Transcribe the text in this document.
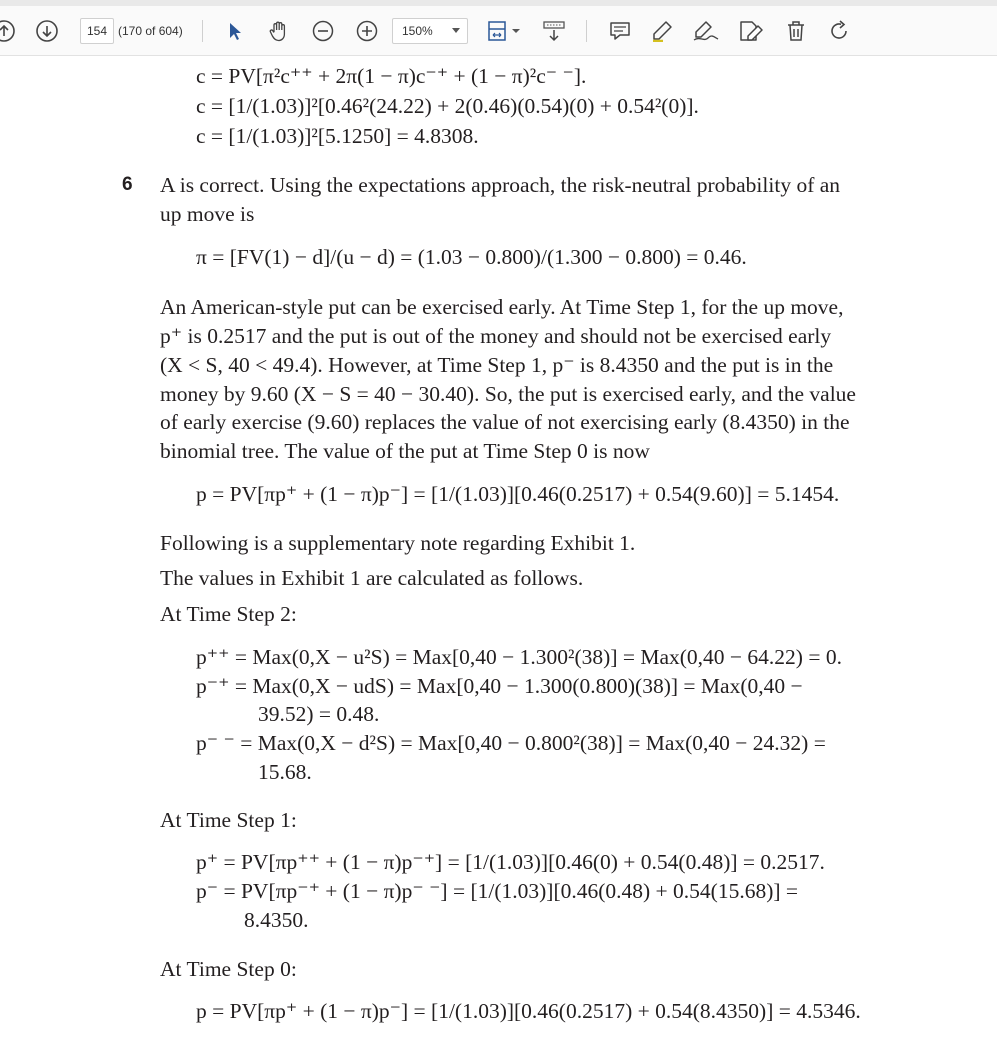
154 (170 of 604)	150%
c = PV[π²c⁺⁺ + 2π(1 − π)c⁻⁺ + (1 − π)²c⁻ ⁻].
c = [1/(1.03)]²[0.46²(24.22) + 2(0.46)(0.54)(0) + 0.54²(0)].
c = [1/(1.03)]²[5.1250] = 4.8308.
6 A is correct. Using the expectations approach, the risk-neutral probability of an
up move is
π = [FV(1) − d]/(u − d) = (1.03 − 0.800)/(1.300 − 0.800) = 0.46.
An American-style put can be exercised early. At Time Step 1, for the up move,
p⁺ is 0.2517 and the put is out of the money and should not be exercised early
(X < S, 40 < 49.4). However, at Time Step 1, p⁻ is 8.4350 and the put is in the
money by 9.60 (X − S = 40 − 30.40). So, the put is exercised early, and the value
of early exercise (9.60) replaces the value of not exercising early (8.4350) in the
binomial tree. The value of the put at Time Step 0 is now
p = PV[πp⁺ + (1 − π)p⁻] = [1/(1.03)][0.46(0.2517) + 0.54(9.60)] = 5.1454.
Following is a supplementary note regarding Exhibit 1.
The values in Exhibit 1 are calculated as follows.
At Time Step 2:
p⁺⁺ = Max(0,X − u²S) = Max[0,40 − 1.300²(38)] = Max(0,40 − 64.22) = 0.
p⁻⁺ = Max(0,X − udS) = Max[0,40 − 1.300(0.800)(38)] = Max(0,40 −
39.52) = 0.48.
p⁻ ⁻ = Max(0,X − d²S) = Max[0,40 − 0.800²(38)] = Max(0,40 − 24.32) =
15.68.
At Time Step 1:
p⁺ = PV[πp⁺⁺ + (1 − π)p⁻⁺] = [1/(1.03)][0.46(0) + 0.54(0.48)] = 0.2517.
p⁻ = PV[πp⁻⁺ + (1 − π)p⁻ ⁻] = [1/(1.03)][0.46(0.48) + 0.54(15.68)] =
8.4350.
At Time Step 0:
p = PV[πp⁺ + (1 − π)p⁻] = [1/(1.03)][0.46(0.2517) + 0.54(8.4350)] = 4.5346.
